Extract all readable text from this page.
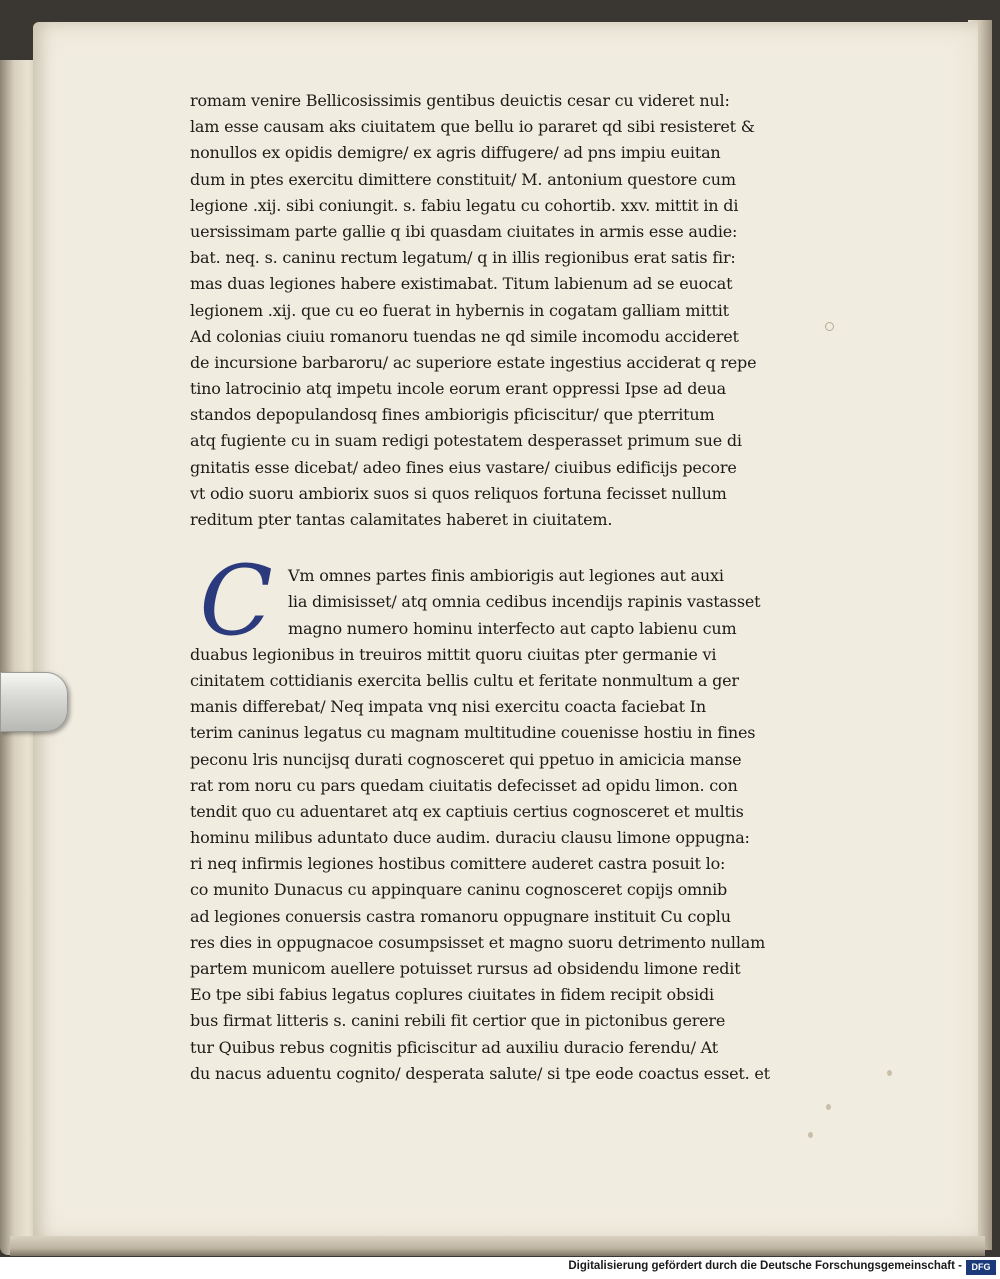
romam venire Bellicosissimis gentibus deuictis cesar cu videret nul:
lam esse causam aks ciuitatem que bellu io pararet qd sibi resisteret &
nonullos ex opidis demigre/ ex agris diffugere/ ad pns impiu euitan
dum in ptes exercitu dimittere constituit/ M. antonium questore cum
legione .xij. sibi coniungit. s. fabiu legatu cu cohortib. xxv. mittit in di
uersissimam parte gallie q ibi quasdam ciuitates in armis esse audie:
bat. neq. s. caninu rectum legatum/ q in illis regionibus erat satis fir:
mas duas legiones habere existimabat. Titum labienum ad se euocat
legionem .xij. que cu eo fuerat in hybernis in cogatam galliam mittit
Ad colonias ciuiu romanoru tuendas ne qd simile incomodu accideret
de incursione barbaroru/ ac superiore estate ingestius acciderat q repe
tino latrocinio atq impetu incole eorum erant oppressi Ipse ad deua
standos depopulandosq fines ambiorigis pficiscitur/ que pterritum
atq fugiente cu in suam redigi potestatem desperasset primum sue di
gnitatis esse dicebat/ adeo fines eius vastare/ ciuibus edificijs pecore
vt odio suoru ambiorix suos si quos reliquos fortuna fecisset nullum
reditum pter tantas calamitates haberet in ciuitatem.
C Vm omnes partes finis ambiorigis aut legiones aut auxi
lia dimisisset/ atq omnia cedibus incendijs rapinis vastasset
magno numero hominu interfecto aut capto labienu cum
duabus legionibus in treuiros mittit quoru ciuitas pter germanie vi
cinitatem cottidianis exercita bellis cultu et feritate nonmultum a ger
manis differebat/ Neq impata vnq nisi exercitu coacta faciebat In
terim caninus legatus cu magnam multitudine couenisse hostiu in fines
peconu lris nuncijsq durati cognosceret qui ppetuo in amicicia manse
rat rom noru cu pars quedam ciuitatis defecisset ad opidu limon. con
tendit quo cu aduentaret atq ex captiuis certius cognosceret et multis
hominu milibus aduntato duce audim. duraciu clausu limone oppugna:
ri neq infirmis legiones hostibus comittere auderet castra posuit lo:
co munito Dunacus cu appinquare caninu cognosceret copijs omnib
ad legiones conuersis castra romanoru oppugnare instituit Cu coplu
res dies in oppugnacoe cosumpsisset et magno suoru detrimento nullam
partem municom auellere potuisset rursus ad obsidendu limone redit
Eo tpe sibi fabius legatus coplures ciuitates in fidem recipit obsidi
bus firmat litteris s. canini rebili fit certior que in pictonibus gerere
tur Quibus rebus cognitis pficiscitur ad auxiliu duracio ferendu/ At
du nacus aduentu cognito/ desperata salute/ si tpe eode coactus esset. et
Digitalisierung gefördert durch die Deutsche Forschungsgemeinschaft -	DFG
